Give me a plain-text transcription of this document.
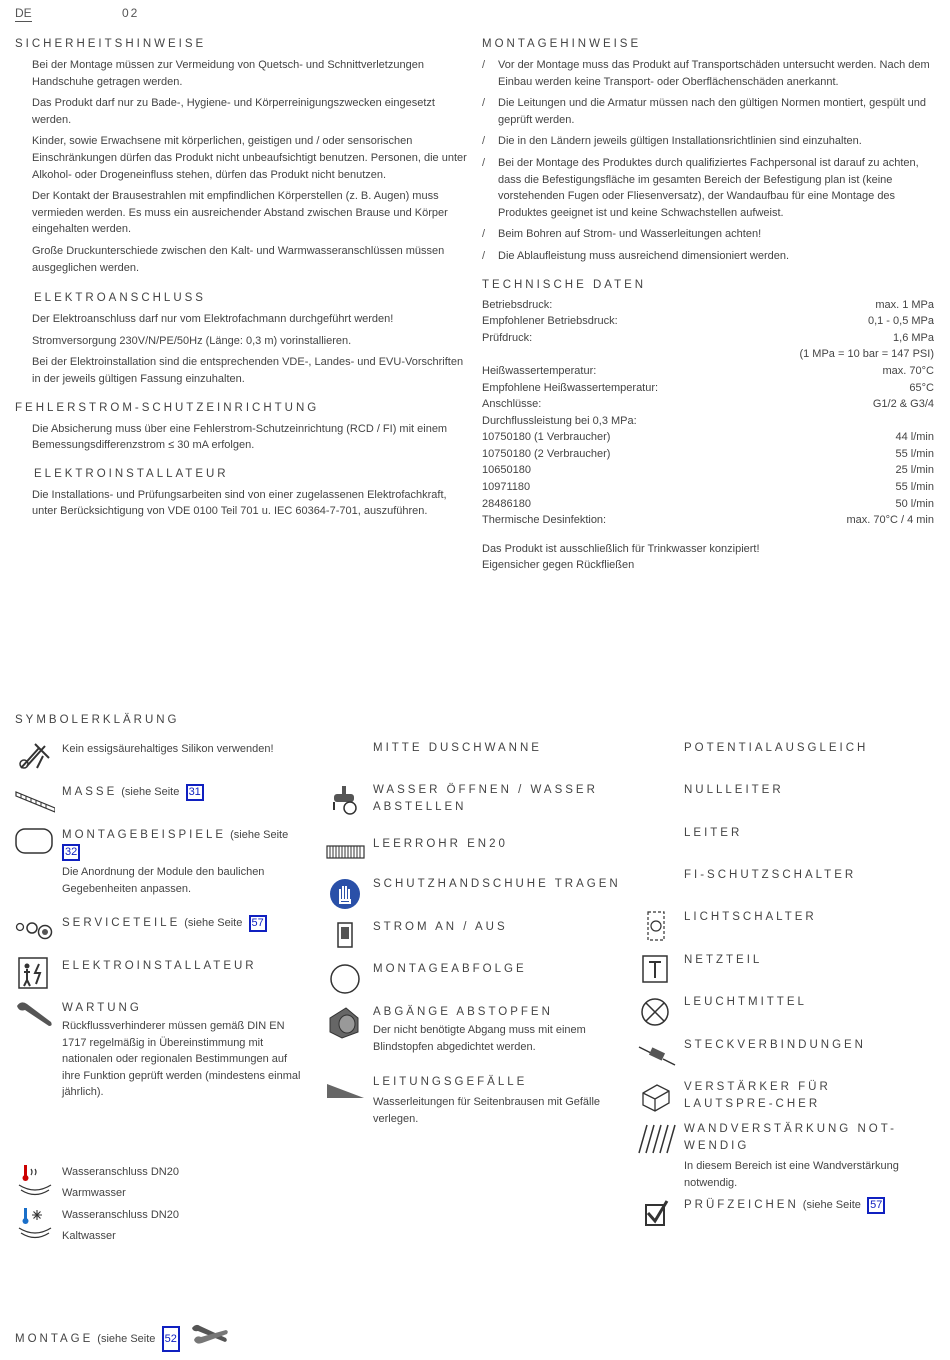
DE	02
SICHERHEITSHINWEISE

Bei der Montage müssen zur Vermeidung von Quetsch- und Schnittverletzungen Handschuhe getragen werden.

Das Produkt darf nur zu Bade-, Hygiene- und Körperreinigungszwecken eingesetzt werden.

Kinder, sowie Erwachsene mit körperlichen, geistigen und / oder sensorischen Einschränkungen dürfen das Produkt nicht unbeaufsichtigt benutzen. Personen, die unter Alkohol- oder Drogeneinfluss stehen, dürfen das Produkt nicht benutzen.

Der Kontakt der Brausestrahlen mit empfindlichen Körperstellen (z. B. Augen) muss vermieden werden. Es muss ein ausreichender Abstand zwischen Brause und Körper eingehalten werden.

Große Druckunterschiede zwischen den Kalt- und Warmwasseranschlüssen müssen ausgeglichen werden.

ELEKTROANSCHLUSS

Der Elektroanschluss darf nur vom Elektrofachmann durchgeführt werden!

Stromversorgung 230V/N/PE/50Hz (Länge: 0,3 m) vorinstallieren.

Bei der Elektroinstallation sind die entsprechenden VDE-, Landes- und EVU-Vorschriften in der jeweils gültigen Fassung einzuhalten.

FEHLERSTROM-SCHUTZEINRICHTUNG

Die Absicherung muss über eine Fehlerstrom-Schutzeinrichtung (RCD / FI) mit einem Bemessungsdifferenzstrom ≤ 30 mA erfolgen.

ELEKTROINSTALLATEUR

Die Installations- und Prüfungsarbeiten sind von einer zugelassenen Elektrofachkraft, unter Berücksichtigung von VDE 0100 Teil 701 u. IEC 60364-7-701, auszuführen.

MONTAGEHINWEISE
/ Vor der Montage muss das Produkt auf Transportschäden untersucht werden. Nach dem Einbau werden keine Transport- oder Oberflächenschäden anerkannt.
/ Die Leitungen und die Armatur müssen nach den gültigen Normen montiert, gespült und geprüft werden.
/ Die in den Ländern jeweils gültigen Installationsrichtlinien sind einzuhalten.
/ Bei der Montage des Produktes durch qualifiziertes Fachpersonal ist darauf zu achten, dass die Befestigungsfläche im gesamten Bereich der Befestigung plan ist (keine vorstehenden Fugen oder Fliesenversatz), der Wandaufbau für eine Montage des Produktes geeignet ist und keine Schwachstellen aufweist.
/ Beim Bohren auf Strom- und Wasserleitungen achten!
/ Die Ablaufleistung muss ausreichend dimensioniert werden.
TECHNISCHE DATEN
Betriebsdruck:	max. 1 MPa
Empfohlener Betriebsdruck:	0,1 - 0,5 MPa
Prüfdruck:	1,6 MPa
(1 MPa = 10 bar = 147 PSI)
Heißwassertemperatur:	max. 70°C
Empfohlene Heißwassertemperatur:	65°C
Anschlüsse:	G1/2 & G3/4
Durchflussleistung bei 0,3 MPa:
10750180 (1 Verbraucher)	44 l/min
10750180 (2 Verbraucher)	55 l/min
10650180	25 l/min
10971180	55 l/min
28486180	50 l/min
Thermische Desinfektion:	max. 70°C / 4 min
Das Produkt ist ausschließlich für Trinkwasser konzipiert!
Eigensicher gegen Rückfließen
SYMBOLERKLÄRUNG
Kein essigsäurehaltiges Silikon verwenden!
MASSE (siehe Seite 31
MONTAGEBEISPIELE (siehe Seite
32
Die Anordnung der Module den baulichen Gegebenheiten anpassen.
SERVICETEILE (siehe Seite 57
ELEKTROINSTALLATEUR
WARTUNG
Rückflussverhinderer müssen gemäß DIN EN 1717 regelmäßig in Übereinstimmung mit nationalen oder regionalen Bestimmungen auf ihre Funktion geprüft werden (mindestens einmal jährlich).
Wasseranschluss DN20
Warmwasser
Wasseranschluss DN20
Kaltwasser
MITTE DUSCHWANNE
WASSER ÖFFNEN / WASSER ABSTELLEN
LEERROHR EN20
SCHUTZHANDSCHUHE TRAGEN
STROM AN / AUS
MONTAGEABFOLGE
ABGÄNGE ABSTOPFEN
Der nicht benötigte Abgang muss mit einem Blindstopfen abgedichtet werden.
LEITUNGSGEFÄLLE
Wasserleitungen für Seitenbrausen mit Gefälle verlegen.
POTENTIALAUSGLEICH
NULLLEITER
LEITER
FI-SCHUTZSCHALTER
LICHTSCHALTER
NETZTEIL
LEUCHTMITTEL
STECKVERBINDUNGEN
VERSTÄRKER FÜR LAUTSPRE-CHER
WANDVERSTÄRKUNG NOT-WENDIG
In diesem Bereich ist eine Wandverstärkung notwendig.
PRÜFZEICHEN (siehe Seite 57
MONTAGE (siehe Seite 52
